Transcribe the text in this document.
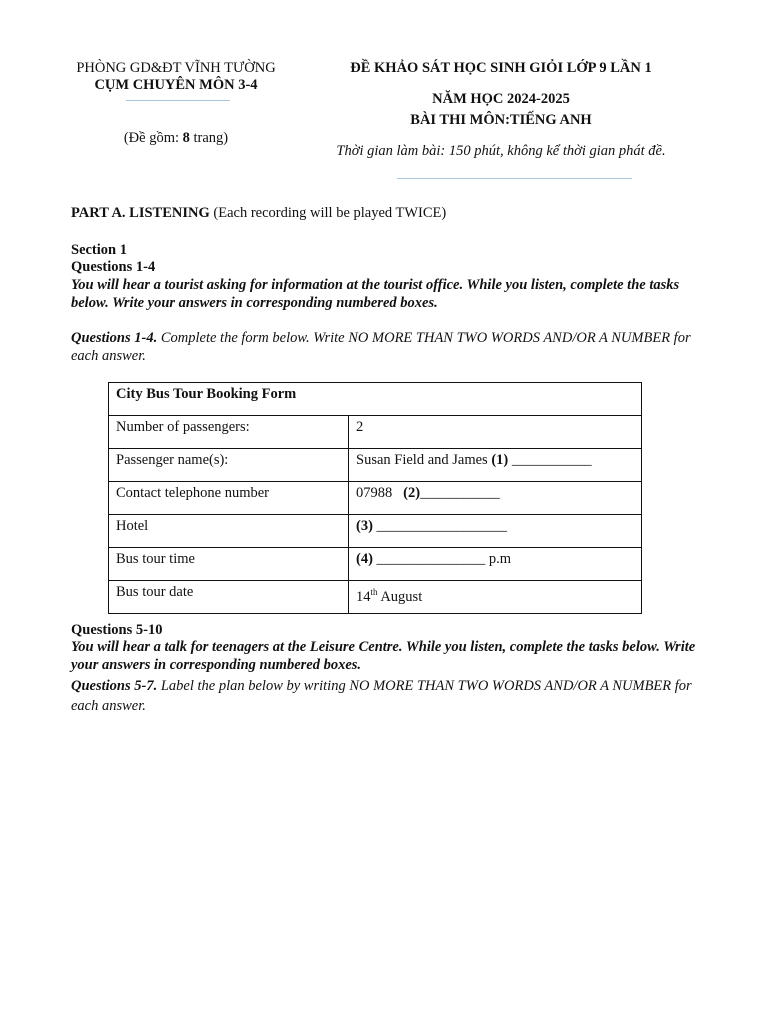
PHÒNG GD&ĐT VĨNH TƯỜNG
CỤM CHUYÊN MÔN 3-4
(Đề gồm: 8 trang)
ĐỀ KHẢO SÁT HỌC SINH GIỎI LỚP 9 LẦN 1
NĂM HỌC 2024-2025
BÀI THI MÔN:TIẾNG ANH
Thời gian làm bài: 150 phút, không kể thời gian phát đề.
PART A. LISTENING (Each recording will be played TWICE)
Section 1
Questions 1-4
You will hear a tourist asking for information at the tourist office. While you listen, complete the tasks below. Write your answers in corresponding numbered boxes.
Questions 1-4. Complete the form below. Write NO MORE THAN TWO WORDS AND/OR A NUMBER for each answer.
City Bus Tour Booking Form	
Number of passengers:	2
Passenger name(s):	Susan Field and James (1) ___________
Contact telephone number	07988   (2)___________
Hotel	(3) __________________
Bus tour time	(4) _______________ p.m
Bus tour date	14th August
Questions 5-10
You will hear a talk for teenagers at the Leisure Centre. While you listen, complete the tasks below. Write your answers in corresponding numbered boxes.
Questions 5-7. Label the plan below by writing NO MORE THAN TWO WORDS AND/OR A NUMBER for each answer.
